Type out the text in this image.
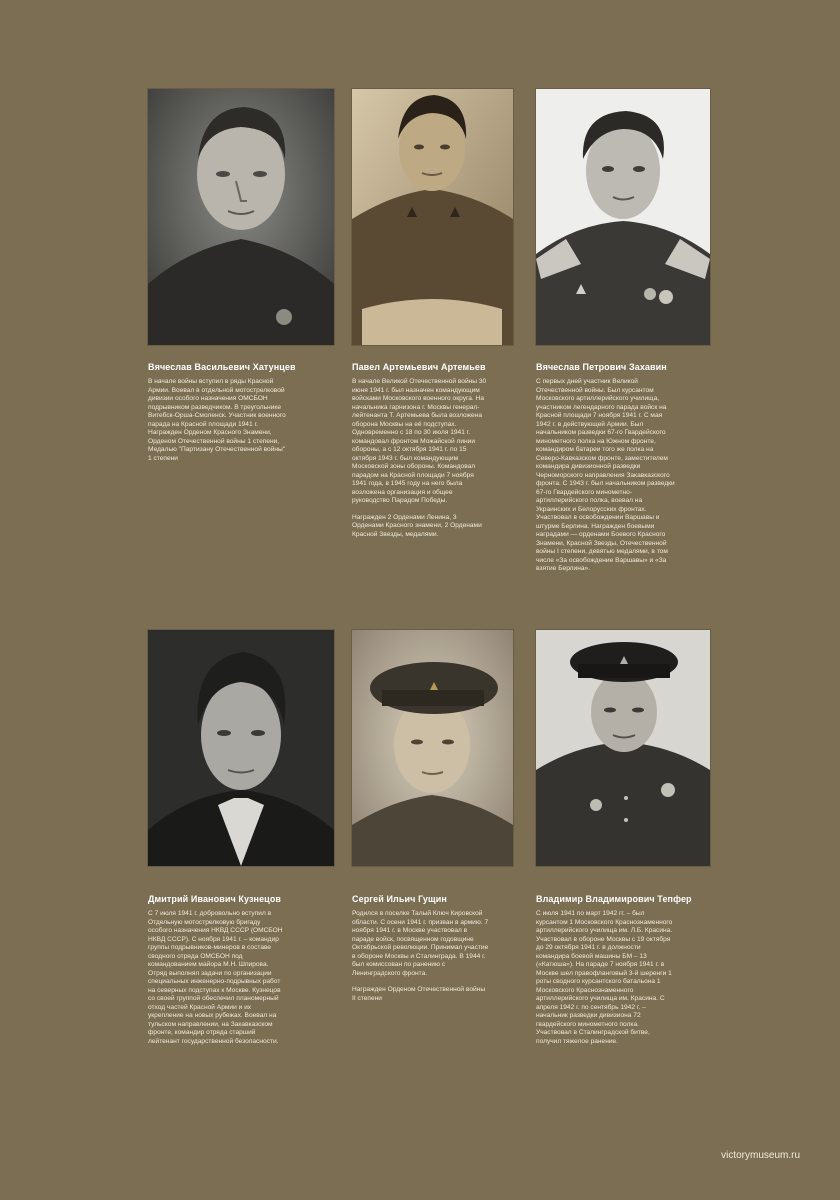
Вячеслав Васильевич Хатунцев

В начале войны вступил в ряды Красной Армии. Воевал в отдельной мотострелковой дивизии особого назначения ОМСБОН подрывником разведчиком. В треугольнике Витебск-Орша-Смоленск. Участник военного парада на Красной площади 1941 г. Награжден Орденом Красного Знамени, Орденом Отечественной войны 1 степени, Медалью "Партизану Отечественной войны" 1 степени

Павел Артемьевич Артемьев

В начале Великой Отечественной войны 30 июня 1941 г. был назначен командующим войсками Московского военного округа. На начальника гарнизона г. Москвы генерал-лейтенанта Т. Артемьева была возложена оборона Москвы на её подступах. Одновременно с 18 по 30 июля 1941 г. командовал фронтом Можайской линии обороны, а с 12 октября 1941 г. по 15 октября 1943 г. был командующим Московской зоны обороны. Командовал парадом на Красной площади 7 ноября 1941 года, в 1945 году на него была возложена организация и общее руководство Парадом Победы.

Награжден 2 Орденами Ленина, 3 Орденами Красного знамени, 2 Орденами Красной Звезды, медалями.

Вячеслав Петрович Захавин

С первых дней участник Великой Отечественной войны. Был курсантом Московского артиллерийского училища, участником легендарного парада войск на Красной площади 7 ноября 1941 г. С мая 1942 г. в действующей Армии. Был начальником разведки 67-го Гвардейского минометного полка на Южном фронте, командиром батареи того же полка на Северо-Кавказском фронте, заместителем командира дивизионной разведки Черноморского направления Закавказского фронта. С 1943 г. был начальником разведки 67-го Гвардейского минометно-артиллерийского полка, воевал на Украинских и Белорусских фронтах. Участвовал в освобождении Варшавы и штурме Берлина. Награжден боевыми наградами — орденами Боевого Красного Знамени, Красной Звезды, Отечественной войны I степени, девятью медалями, в том числе «За освобождение Варшавы» и «За взятие Берлина».

Дмитрий Иванович Кузнецов

С 7 июля 1941 г. добровольно вступил в Отдельную мотострелковую бригаду особого назначения НКВД СССР (ОМСБОН НКВД СССР). С ноября 1941 г. – командир группы подрывников-минеров в составе сводного отряда ОМСБОН под командованием майора М.Н. Шпирова. Отряд выполнял задачи по организации специальных инженерно-подрывных работ на северных подступах к Москве. Кузнецов со своей группой обеспечил планомерный отход частей Красной Армии и их укрепление на новых рубежах. Воевал на тульском направлении, на Закавказском фронте, командир отряда старший лейтенант государственной безопасности.

Сергей Ильич Гущин

Родился в поселке Талый Ключ Кировской области. С осени 1941 г. призван в армию. 7 ноября 1941 г. в Москве участвовал в параде войск, посвященном годовщине Октябрьской революции. Принимал участие в обороне Москвы и Сталинграда. В 1944 г. был комиссован по ранению с Ленинградского фронта.

Награжден Орденом Отечественной войны II степени

Владимир Владимирович Тепфер

С июля 1941 по март 1942 гг. – был курсантом 1 Московского Краснознаменного артиллерийского училища им. Л.Б. Красина. Участвовал в обороне Москвы с 19 октября до 29 октября 1941 г. в должности командира боевой машины БМ – 13 («Катюша»). На параде 7 ноября 1941 г. в Москве шел правофланговый 3-й шеренги 1 роты сводного курсантского батальона 1 Московского Краснознаменного артиллерийского училища им. Красина. С апреля 1942 г. по сентябрь 1942 г. – начальник разведки дивизиона 72 гвардейского минометного полка. Участвовал в Сталинградской битве, получил тяжелое ранение.

victorymuseum.ru
